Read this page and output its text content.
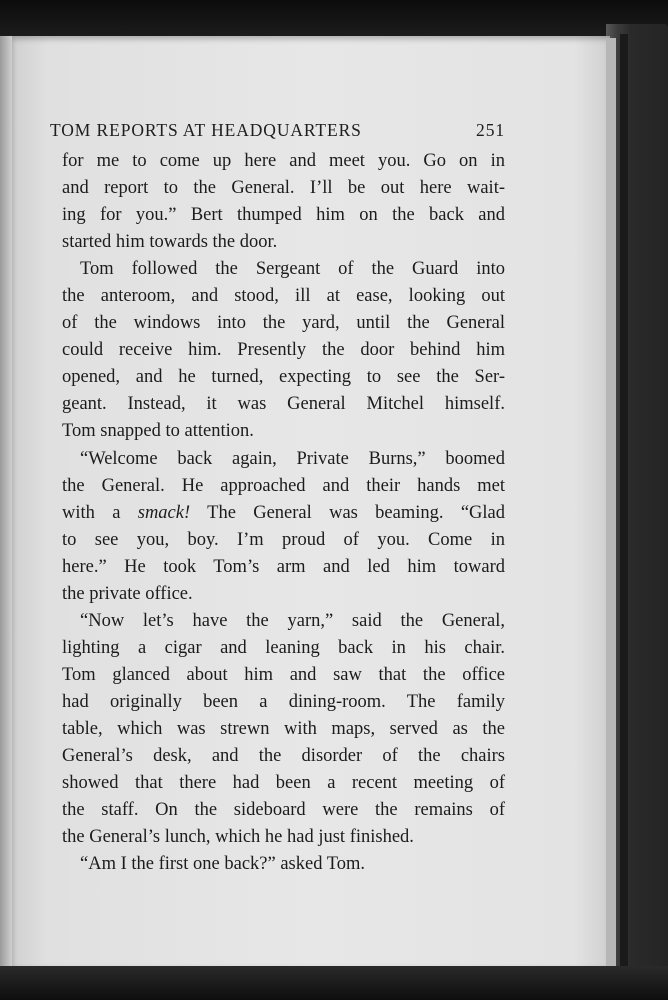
TOM REPORTS AT HEADQUARTERS	251
for me to come up here and meet you. Go on in
and report to the General. I’ll be out here wait-
ing for you.” Bert thumped him on the back and
started him towards the door.
Tom followed the Sergeant of the Guard into
the anteroom, and stood, ill at ease, looking out
of the windows into the yard, until the General
could receive him. Presently the door behind him
opened, and he turned, expecting to see the Ser-
geant. Instead, it was General Mitchel himself.
Tom snapped to attention.
“Welcome back again, Private Burns,” boomed
the General. He approached and their hands met
with a smack! The General was beaming. “Glad
to see you, boy. I’m proud of you. Come in
here.” He took Tom’s arm and led him toward
the private office.
“Now let’s have the yarn,” said the General,
lighting a cigar and leaning back in his chair.
Tom glanced about him and saw that the office
had originally been a dining-room. The family
table, which was strewn with maps, served as the
General’s desk, and the disorder of the chairs
showed that there had been a recent meeting of
the staff. On the sideboard were the remains of
the General’s lunch, which he had just finished.
“Am I the first one back?” asked Tom.
